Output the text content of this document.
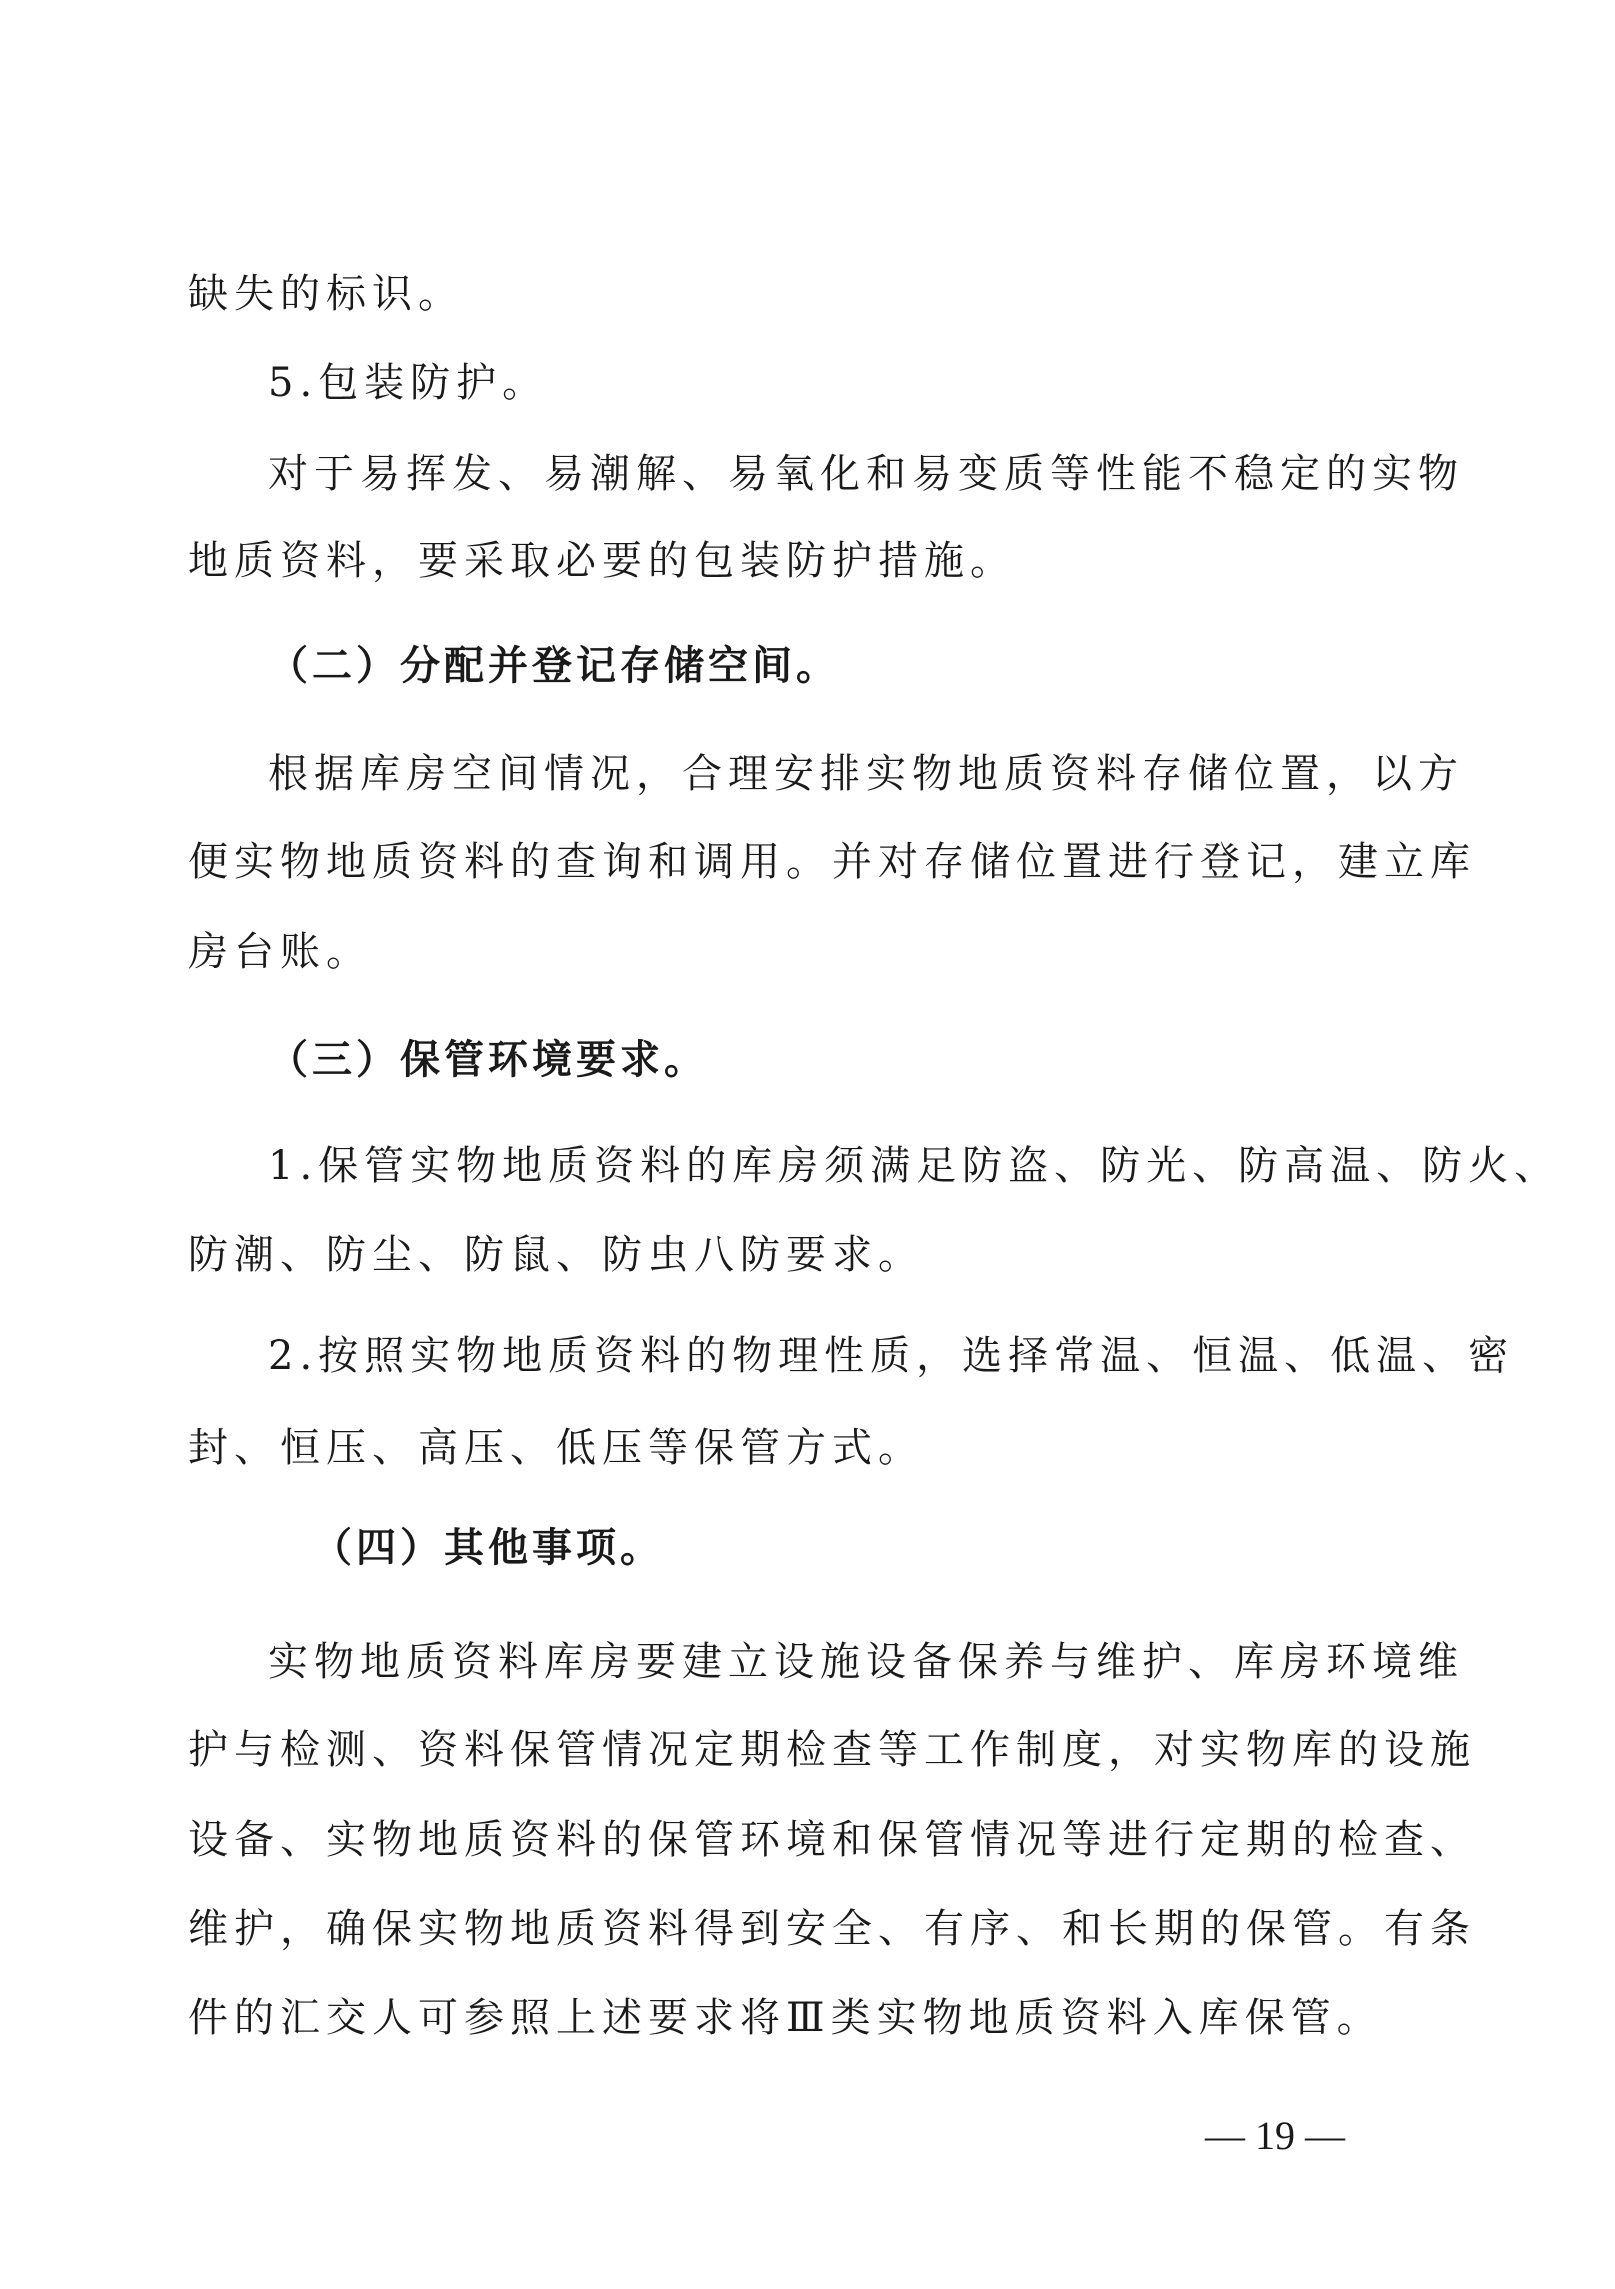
缺失的标识。
5.包装防护。
对于易挥发、易潮解、易氧化和易变质等性能不稳定的实物
地质资料，要采取必要的包装防护措施。
（二）分配并登记存储空间。
根据库房空间情况，合理安排实物地质资料存储位置，以方
便实物地质资料的查询和调用。并对存储位置进行登记，建立库
房台账。
（三）保管环境要求。
1.保管实物地质资料的库房须满足防盗、防光、防高温、防火、
防潮、防尘、防鼠、防虫八防要求。
2.按照实物地质资料的物理性质，选择常温、恒温、低温、密
封、恒压、高压、低压等保管方式。
（四）其他事项。
实物地质资料库房要建立设施设备保养与维护、库房环境维
护与检测、资料保管情况定期检查等工作制度，对实物库的设施
设备、实物地质资料的保管环境和保管情况等进行定期的检查、
维护，确保实物地质资料得到安全、有序、和长期的保管。有条
件的汇交人可参照上述要求将Ⅲ类实物地质资料入库保管。
— 19 —
